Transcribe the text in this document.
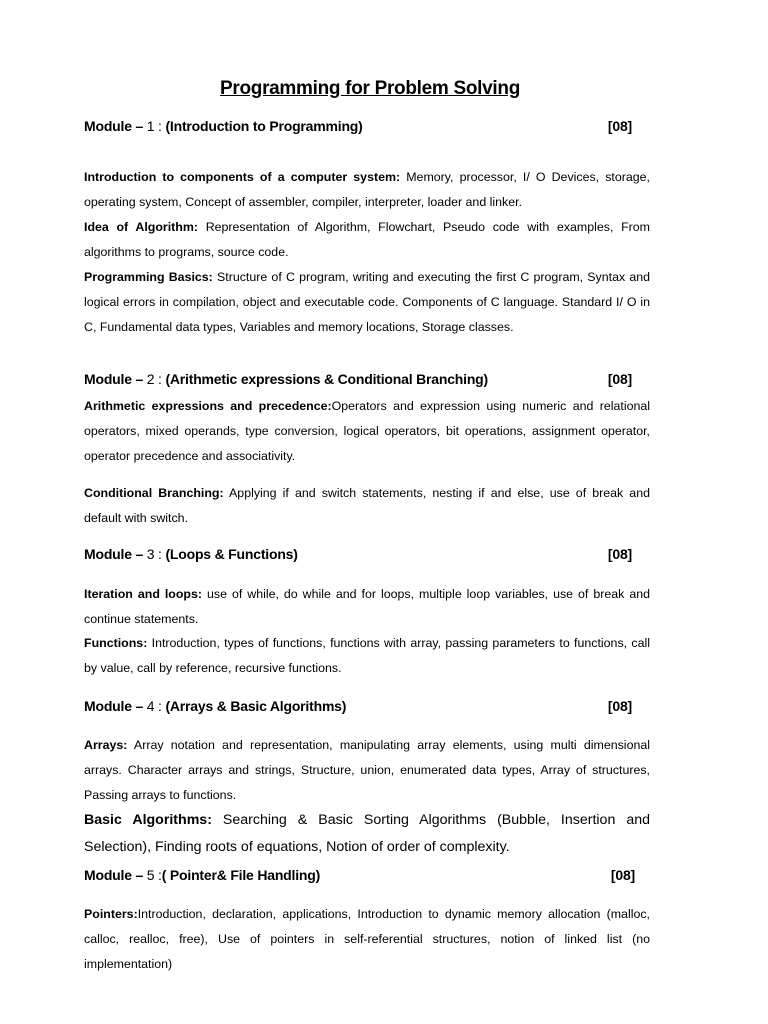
Programming for Problem Solving
Module – 1 : (Introduction to Programming)	[08]

Introduction to components of a computer system: Memory, processor, I/ O Devices, storage, operating system, Concept of assembler, compiler, interpreter, loader and linker.

Idea of Algorithm: Representation of Algorithm, Flowchart, Pseudo code with examples, From algorithms to programs, source code.

Programming Basics: Structure of C program, writing and executing the first C program, Syntax and logical errors in compilation, object and executable code. Components of C language. Standard I/ O in C, Fundamental data types, Variables and memory locations, Storage classes.

Module – 2 : (Arithmetic expressions & Conditional Branching)	[08]

Arithmetic expressions and precedence:Operators and expression using numeric and relational operators, mixed operands, type conversion, logical operators, bit operations, assignment operator, operator precedence and associativity.

Conditional Branching: Applying if and switch statements, nesting if and else, use of break and default with switch.

Module – 3 : (Loops & Functions)	[08]

Iteration and loops: use of while, do while and for loops, multiple loop variables, use of break and continue statements.

Functions: Introduction, types of functions, functions with array, passing parameters to functions, call by value, call by reference, recursive functions.

Module – 4 : (Arrays & Basic Algorithms)	[08]

Arrays: Array notation and representation, manipulating array elements, using multi dimensional arrays. Character arrays and strings, Structure, union, enumerated data types, Array of structures, Passing arrays to functions.

Basic Algorithms: Searching & Basic Sorting Algorithms (Bubble, Insertion and Selection), Finding roots of equations, Notion of order of complexity.

Module – 5 :( Pointer& File Handling)	[08]

Pointers:Introduction, declaration, applications, Introduction to dynamic memory allocation (malloc, calloc, realloc, free), Use of pointers in self-referential structures, notion of linked list (no implementation)
